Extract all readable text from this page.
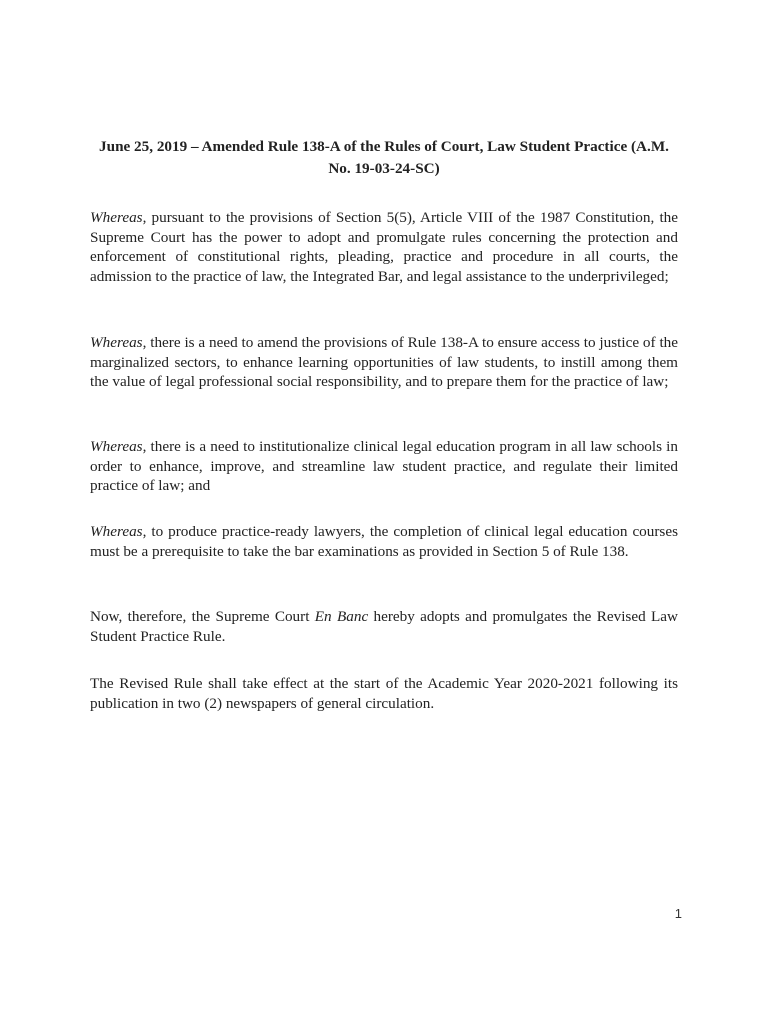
June 25, 2019 – Amended Rule 138-A of the Rules of Court, Law Student Practice (A.M. No. 19-03-24-SC)

Whereas, pursuant to the provisions of Section 5(5), Article VIII of the 1987 Constitution, the Supreme Court has the power to adopt and promulgate rules concerning the protection and enforcement of constitutional rights, pleading, practice and procedure in all courts, the admission to the practice of law, the Integrated Bar, and legal assistance to the underprivileged;

Whereas, there is a need to amend the provisions of Rule 138-A to ensure access to justice of the marginalized sectors, to enhance learning opportunities of law students, to instill among them the value of legal professional social responsibility, and to prepare them for the practice of law;

Whereas, there is a need to institutionalize clinical legal education program in all law schools in order to enhance, improve, and streamline law student practice, and regulate their limited practice of law; and

Whereas, to produce practice-ready lawyers, the completion of clinical legal education courses must be a prerequisite to take the bar examinations as provided in Section 5 of Rule 138.

Now, therefore, the Supreme Court En Banc hereby adopts and promulgates the Revised Law Student Practice Rule.

The Revised Rule shall take effect at the start of the Academic Year 2020-2021 following its publication in two (2) newspapers of general circulation.

1
